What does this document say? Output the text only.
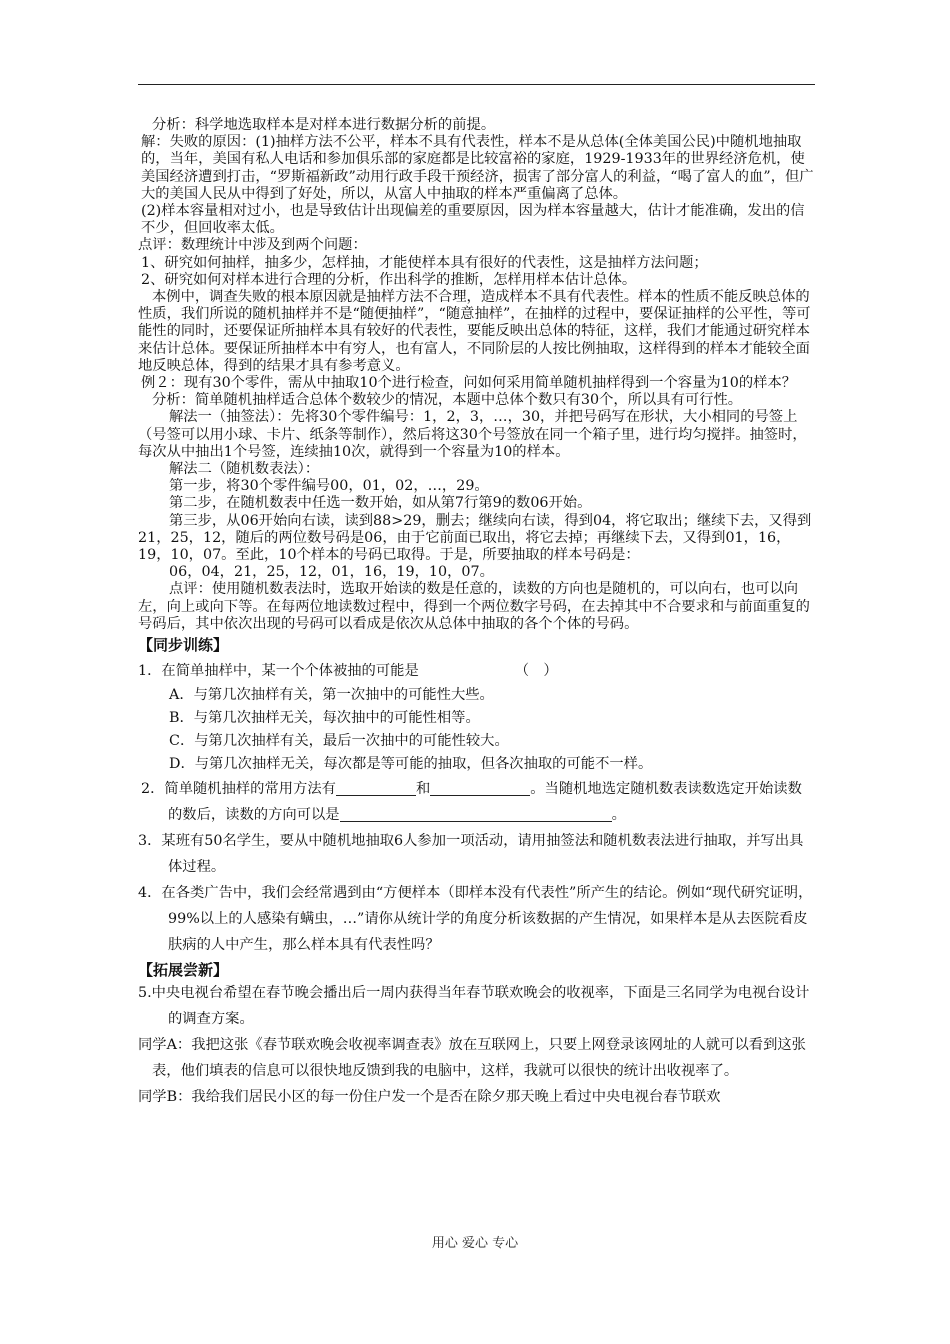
分析：科学地选取样本是对样本进行数据分析的前提。

解：失败的原因：(1)抽样方法不公平，样本不具有代表性，样本不是从总体(全体美国公民)中随机地抽取的，当年，美国有私人电话和参加俱乐部的家庭都是比较富裕的家庭，1929-1933年的世界经济危机，使美国经济遭到打击，“罗斯福新政”动用行政手段干预经济，损害了部分富人的利益，“喝了富人的血”，但广大的美国人民从中得到了好处，所以，从富人中抽取的样本严重偏离了总体。

(2)样本容量相对过小，也是导致估计出现偏差的重要原因，因为样本容量越大，估计才能准确，发出的信不少，但回收率太低。

点评：数理统计中涉及到两个问题：

1、研究如何抽样，抽多少，怎样抽，才能使样本具有很好的代表性，这是抽样方法问题；

2、研究如何对样本进行合理的分析，作出科学的推断，怎样用样本估计总体。

本例中，调查失败的根本原因就是抽样方法不合理，造成样本不具有代表性。样本的性质不能反映总体的性质，我们所说的随机抽样并不是“随便抽样”，“随意抽样”，在抽样的过程中，要保证抽样的公平性，等可能性的同时，还要保证所抽样本具有较好的代表性，要能反映出总体的特征，这样，我们才能通过研究样本来估计总体。要保证所抽样本中有穷人，也有富人，不同阶层的人按比例抽取，这样得到的样本才能较全面地反映总体，得到的结果才具有参考意义。

例２：现有30个零件，需从中抽取10个进行检查，问如何采用简单随机抽样得到一个容量为10的样本？

分析：简单随机抽样适合总体个数较少的情况，本题中总体个数只有30个，所以具有可行性。

解法一（抽签法）：先将30个零件编号：1，2，3，…，30，并把号码写在形状，大小相同的号签上（号签可以用小球、卡片、纸条等制作），然后将这30个号签放在同一个箱子里，进行均匀搅拌。抽签时，每次从中抽出1个号签，连续抽10次，就得到一个容量为10的样本。

解法二（随机数表法）：

第一步，将30个零件编号00，01，02，…，29。

第二步，在随机数表中任选一数开始，如从第7行第9的数06开始。

第三步，从06开始向右读，读到88>29，删去；继续向右读，得到04，将它取出；继续下去，又得到21，25，12，随后的两位数号码是06，由于它前面已取出，将它去掉；再继续下去，又得到01，16，19，10，07。至此，10个样本的号码已取得。于是，所要抽取的样本号码是：

06，04，21，25，12，01，16，19，10，07。

点评：使用随机数表法时，选取开始读的数是任意的，读数的方向也是随机的，可以向右，也可以向左，向上或向下等。在每两位地读数过程中，得到一个两位数字号码，在去掉其中不合要求和与前面重复的号码后，其中依次出现的号码可以看成是依次从总体中抽取的各个个体的号码。

【同步训练】

1．在简单抽样中，某一个个体被抽的可能是	（　）

A．与第几次抽样有关，第一次抽中的可能性大些。

B．与第几次抽样无关，每次抽中的可能性相等。

C．与第几次抽样有关，最后一次抽中的可能性较大。

D．与第几次抽样无关，每次都是等可能的抽取，但各次抽取的可能不一样。

2．简单随机抽样的常用方法有	和	。当随机地选定随机数表读数选定开始读数的数后，读数的方向可以是	。

3．某班有50名学生，要从中随机地抽取6人参加一项活动，请用抽签法和随机数表法进行抽取，并写出具体过程。

4．在各类广告中，我们会经常遇到由“方便样本（即样本没有代表性”所产生的结论。例如“现代研究证明，99%以上的人感染有螨虫，…”请你从统计学的角度分析该数据的产生情况，如果样本是从去医院看皮肤病的人中产生，那么样本具有代表性吗？

【拓展尝新】

5.中央电视台希望在春节晚会播出后一周内获得当年春节联欢晚会的收视率，下面是三名同学为电视台设计的调查方案。

同学A：我把这张《春节联欢晚会收视率调查表》放在互联网上，只要上网登录该网址的人就可以看到这张表，他们填表的信息可以很快地反馈到我的电脑中，这样，我就可以很快的统计出收视率了。

同学B：我给我们居民小区的每一份住户发一个是否在除夕那天晚上看过中央电视台春节联欢

用心 爱心 专心
